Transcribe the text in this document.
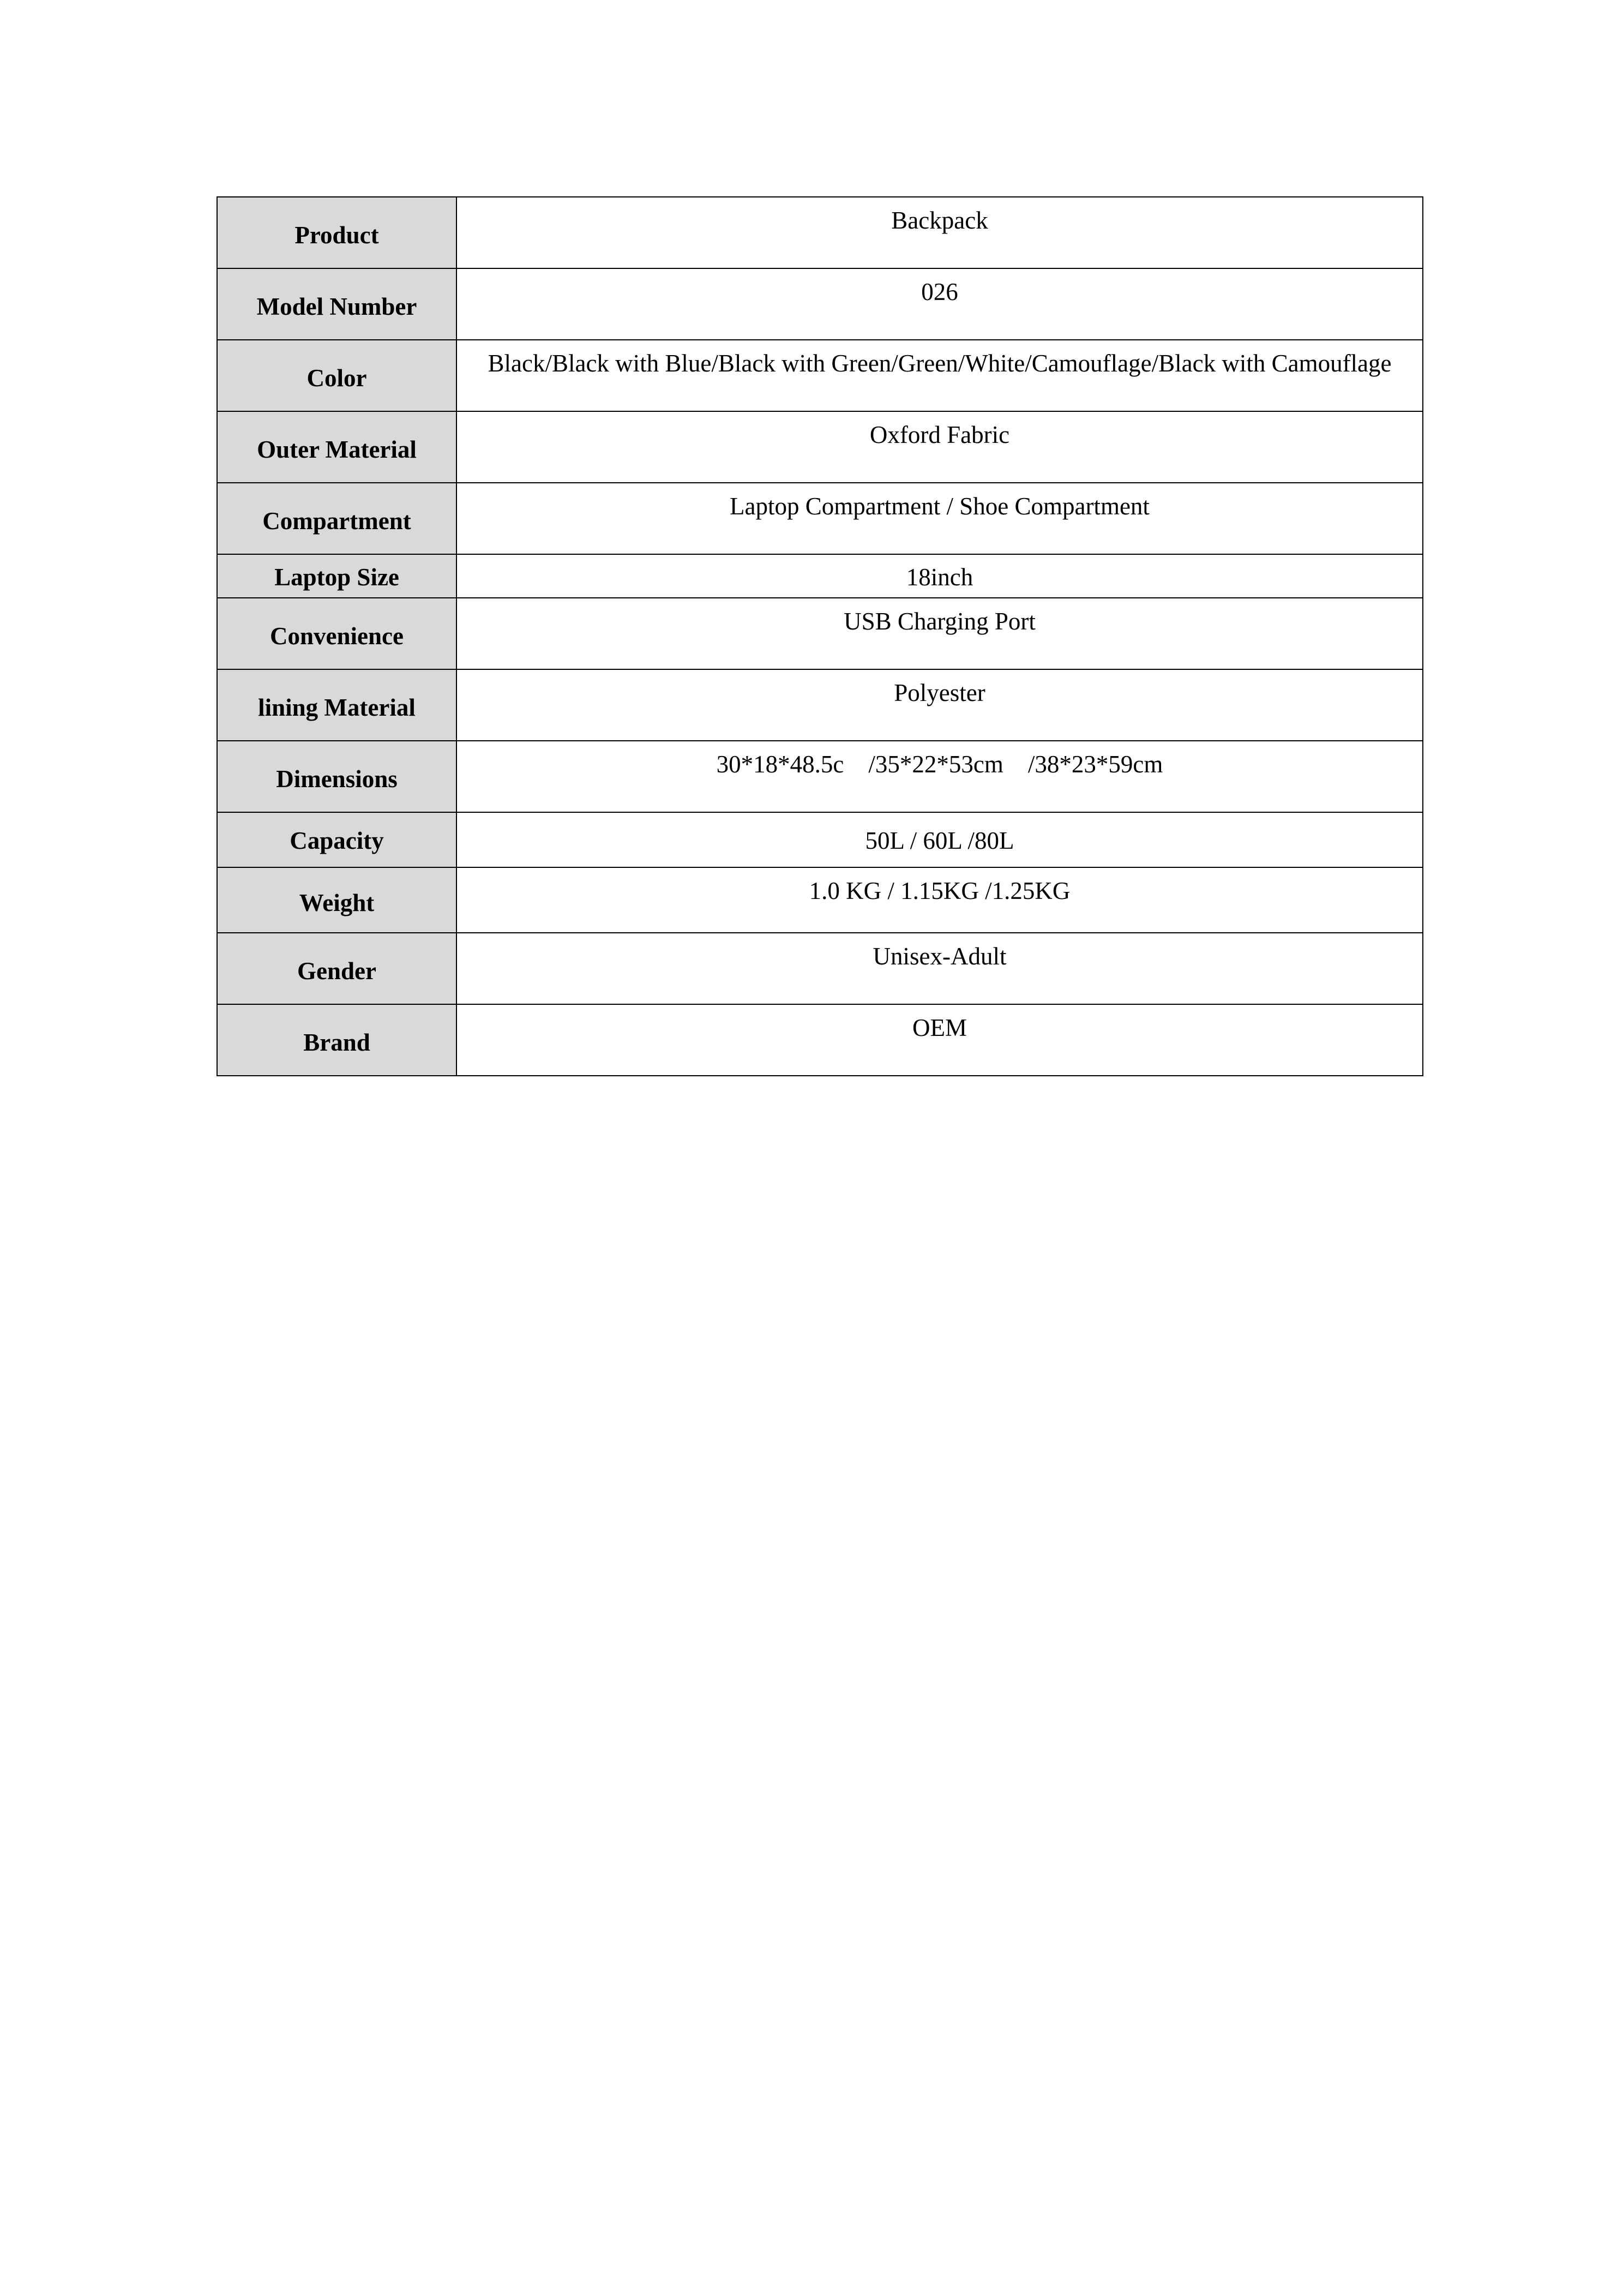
Product	Backpack
Model Number	026
Color	Black/Black with Blue/Black with Green/Green/White/Camouflage/Black with Camouflage
Outer Material	Oxford Fabric
Compartment	Laptop Compartment / Shoe Compartment
Laptop Size	18inch
Convenience	USB Charging Port
lining Material	Polyester
Dimensions	30*18*48.5c    /35*22*53cm    /38*23*59cm
Capacity	50L / 60L /80L
Weight	1.0 KG / 1.15KG /1.25KG
Gender	Unisex-Adult
Brand	OEM
